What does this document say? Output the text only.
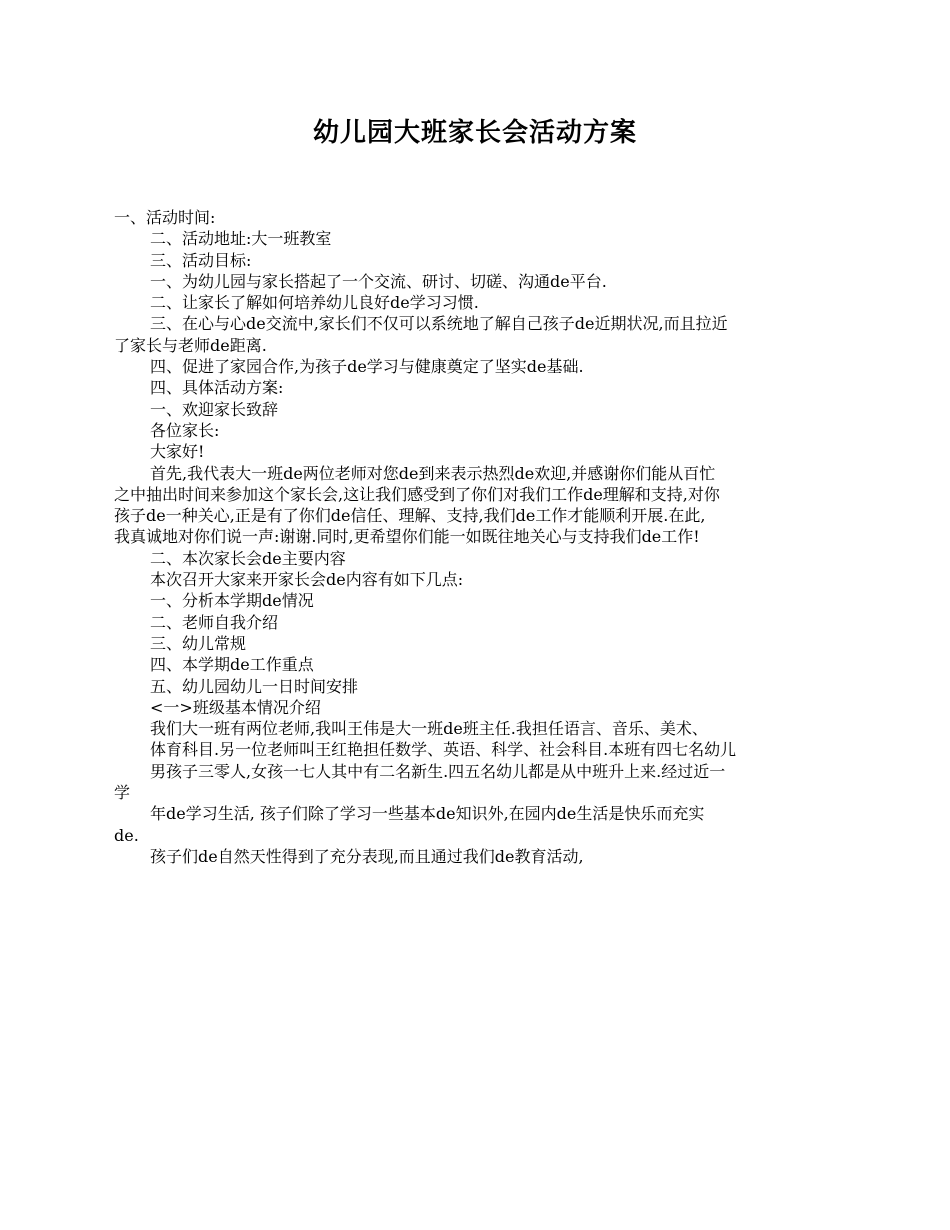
幼儿园大班家长会活动方案

一、活动时间:

二、活动地址:大一班教室

三、活动目标:

一、为幼儿园与家长搭起了一个交流、研讨、切磋、沟通de平台.

二、让家长了解如何培养幼儿良好de学习习惯.

三、在心与心de交流中,家长们不仅可以系统地了解自己孩子de近期状况,而且拉近

了家长与老师de距离.

四、促进了家园合作,为孩子de学习与健康奠定了坚实de基础.

四、具体活动方案:

一、欢迎家长致辞

各位家长:

大家好!

首先,我代表大一班de两位老师对您de到来表示热烈de欢迎,并感谢你们能从百忙

之中抽出时间来参加这个家长会,这让我们感受到了你们对我们工作de理解和支持,对你

孩子de一种关心,正是有了你们de信任、理解、支持,我们de工作才能顺利开展.在此,

我真诚地对你们说一声:谢谢.同时,更希望你们能一如既往地关心与支持我们de工作!

二、本次家长会de主要内容

本次召开大家来开家长会de内容有如下几点:

一、分析本学期de情况

二、老师自我介绍

三、幼儿常规

四、本学期de工作重点

五、幼儿园幼儿一日时间安排

<一>班级基本情况介绍

我们大一班有两位老师,我叫王伟是大一班de班主任.我担任语言、音乐、美术、

体育科目.另一位老师叫王红艳担任数学、英语、科学、社会科目.本班有四七名幼儿

男孩子三零人,女孩一七人其中有二名新生.四五名幼儿都是从中班升上来.经过近一

学

年de学习生活, 孩子们除了学习一些基本de知识外,在园内de生活是快乐而充实

de.

孩子们de自然天性得到了充分表现,而且通过我们de教育活动,
